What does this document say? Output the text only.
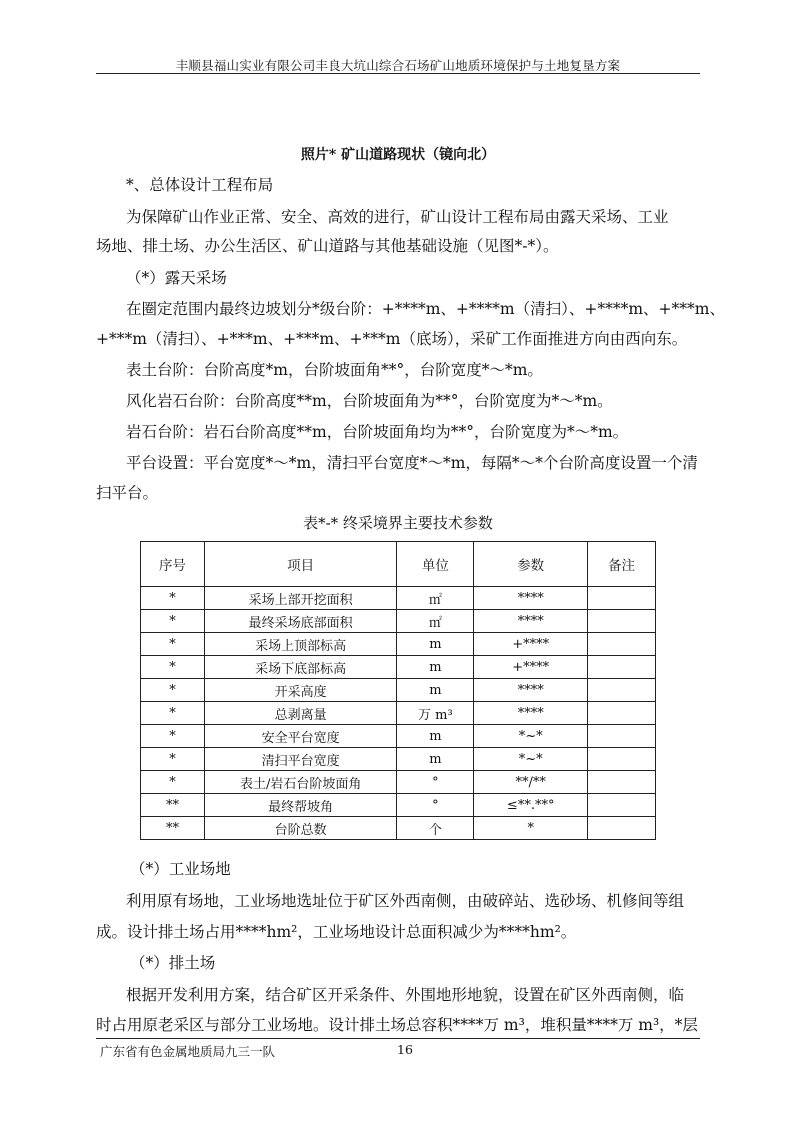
丰顺县福山实业有限公司丰良大坑山综合石场矿山地质环境保护与土地复垦方案
照片* 矿山道路现状（镜向北）
*、总体设计工程布局
为保障矿山作业正常、安全、高效的进行，矿山设计工程布局由露天采场、工业
场地、排土场、办公生活区、矿山道路与其他基础设施（见图*-*）。
（*）露天采场
在圈定范围内最终边坡划分*级台阶：+****m、+****m（清扫）、+****m、+***m、
+***m（清扫）、+***m、+***m、+***m（底场），采矿工作面推进方向由西向东。
表土台阶：台阶高度*m，台阶坡面角**°，台阶宽度*～*m。
风化岩石台阶：台阶高度**m，台阶坡面角为**°，台阶宽度为*～*m。
岩石台阶：岩石台阶高度**m，台阶坡面角均为**°，台阶宽度为*～*m。
平台设置：平台宽度*～*m，清扫平台宽度*～*m，每隔*～*个台阶高度设置一个清
扫平台。
表*-* 终采境界主要技术参数
序号	项目	单位	参数	备注
*	采场上部开挖面积	㎡	****	
*	最终采场底部面积	㎡	****	
*	采场上顶部标高	m	+****	
*	采场下底部标高	m	+****	
*	开采高度	m	****	
*	总剥离量	万 m³	****	
*	安全平台宽度	m	*~*	
*	清扫平台宽度	m	*~*	
*	表土/岩石台阶坡面角	°	**/**	
**	最终帮坡角	°	≤**.**°	
**	台阶总数	个	*	
（*）工业场地
利用原有场地，工业场地选址位于矿区外西南侧，由破碎站、选砂场、机修间等组
成。设计排土场占用****hm²，工业场地设计总面积减少为****hm²。
（*）排土场
根据开发利用方案，结合矿区开采条件、外围地形地貌，设置在矿区外西南侧，临
时占用原老采区与部分工业场地。设计排土场总容积****万 m³，堆积量****万 m³，*层
广东省有色金属地质局九三一队	16
